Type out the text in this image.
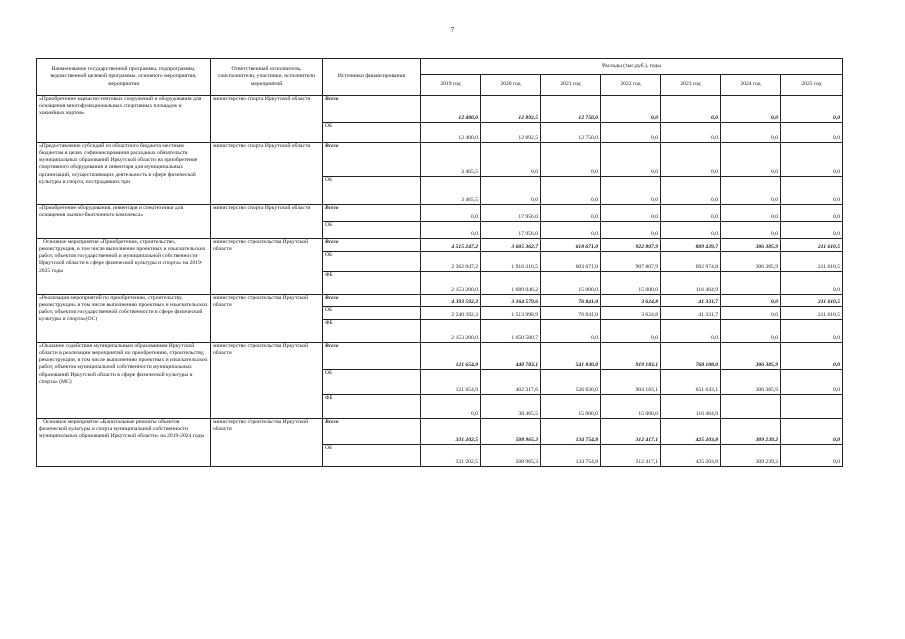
7
Наименование государственной программы, подпрограммы, ведомственной целевой программы, основного мероприятия, мероприятия	Ответственный исполнитель, соисполнители, участники, исполнители мероприятий	Источники финансирования	Расходы (тыс.руб.), годы						
			2019 год	2020 год	2021 год	2022 год	2023 год	2024 год	2025 год
«Приобретение каркасно-тентовых сооружений и оборудования для оснащения многофункциональных спортивных площадок и хоккейных кортов»	министерство спорта Иркутской области	Всего	12 400,0	12 892,5	12 750,0	0,0	0,0	0,0	0,0
		ОБ	12 400,0	12 892,5	12 750,0	0,0	0,0	0,0	0,0
«Предоставление субсидий из областного бюджета местным бюджетам в целях софинансирования расходных обязательств муниципальных образований Иркутской области на приобретение спортивного оборудования и инвентаря для муниципальных организаций, осуществляющих деятельность в сфере физической культуры и спорта, пострадавших при	министерство спорта Иркутской области	Всего	3 465,5	0,0	0,0	0,0	0,0	0,0	0,0
		ОБ	3 465,5	0,0	0,0	0,0	0,0	0,0	0,0
«Приобретение оборудования, инвентаря и спецтехники для оснащения лыжно-биатлонного комплекса»	министерство спорта Иркутской области	Всего	0,0	17 956,0	0,0	0,0	0,0	0,0	0,0
		ОБ	0,0	17 956,0	0,0	0,0	0,0	0,0	0,0
Основное мероприятие «Приобретение, строительство, реконструкция, в том числе выполнение проектных и изыскательских работ, объектов государственной и муниципальной собственности Иркутской области в сфере физической культуры и спорта» на 2019-2025 годы	министерство строительства Иркутской области	Всего	4 515 247,2	3 605 362,7	618 671,0	922 807,9	809 439,7	306 385,9	211 610,5
		ОБ	2 362 047,2	1 916 316,5	603 671,0	907 807,9	692 974,8	306 385,9	211 610,5
		ФБ	2 153 200,0	1 689 046,2	15 000,0	15 000,0	116 464,9		0,0
«Реализация мероприятий по приобретению, строительству, реконструкции, в том числе выполнению проектных и изыскательских работ, объектов государственной собственности в сфере физической культуры и спорта»(ОС)	министерство строительства Иркутской области	Всего	4 393 592,3	3 164 579,6	76 841,0	3 624,8	41 331,7	0,0	211 610,5
		ОБ	2 240 392,3	1 513 998,9	76 841,0	3 624,8	41 331,7	0,0	211 610,5
		ФБ	2 153 200,0	1 650 580,7	0,0	0,0	0,0	0,0	0,0
«Оказание содействия муниципальным образованиям Иркутской области в реализации мероприятий по приобретению, строительству, реконструкции, в том числе выполнению проектных и изыскательских работ, объектов муниципальной собственности муниципальных образований Иркутской области в сфере физической культуры и спорта» (МС)	министерство строительства Иркутской области	Всего	121 654,9	440 783,1	541 830,0	919 183,1	768 108,0	306 385,9	0,0
		ОБ	121 654,9	402 317,6	526 830,0	904 183,1	651 643,1	306 385,9	0,0
		ФБ	0,0	38 465,5	15 000,0	15 000,0	116 464,9		
Основное мероприятие «Капитальные ремонты объектов физической культуры и спорта муниципальной собственности муниципальных образований Иркутской области» на 2019-2024 годы	министерство строительства Иркутской области	Всего	331 202,5	508 965,3	134 754,8	312 417,1	425 203,8	309 239,2	0,0
		ОБ	331 202,5	508 965,3	134 754,8	312 417,1	425 203,8	309 239,2	0,0
